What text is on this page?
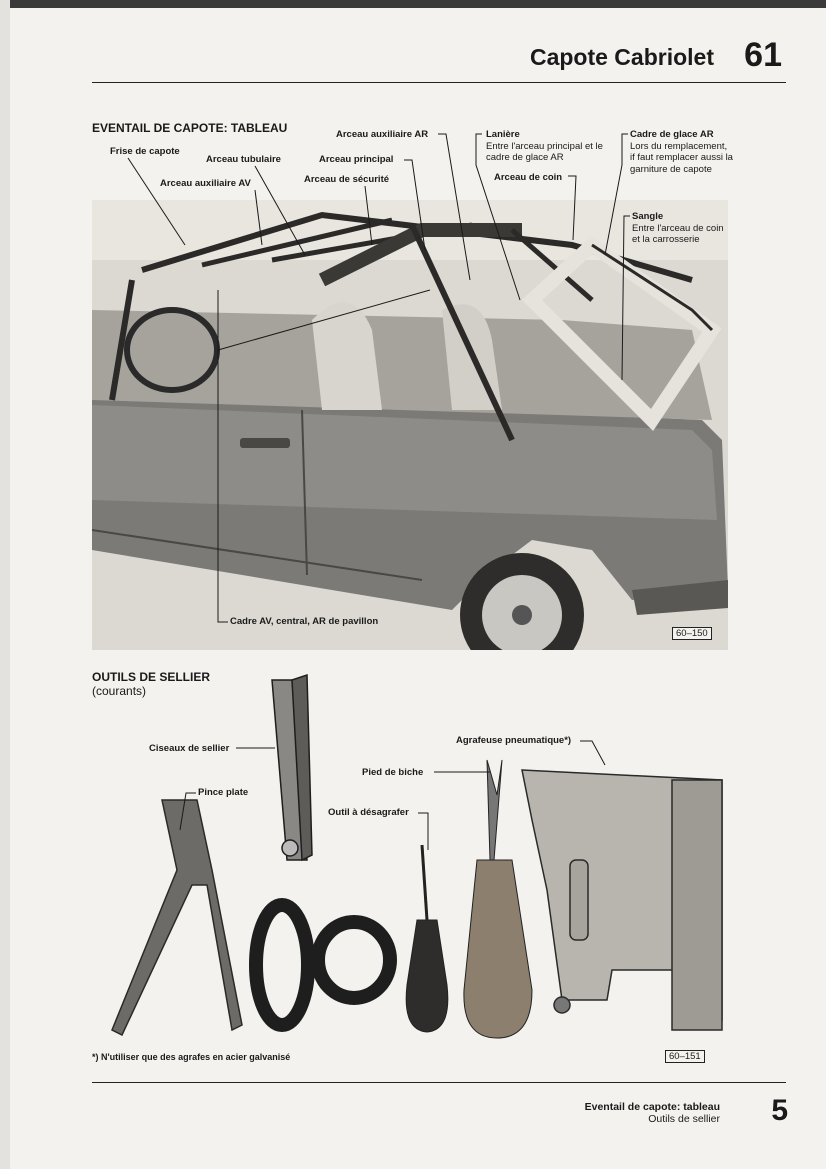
Capote Cabriolet 61
EVENTAIL DE CAPOTE: TABLEAU
Frise de capote
Arceau tubulaire
Arceau auxiliaire AV
Arceau auxiliaire AR
Arceau principal
Arceau de sécurité
Lanière
Entre l'arceau principal et le cadre de glace AR
Arceau de coin
Cadre de glace AR
Lors du remplacement, if faut remplacer aussi la garniture de capote
Sangle
Entre l'arceau de coin et la carrosserie
Cadre AV, central, AR de pavillon
60–150
OUTILS DE SELLIER
(courants)
Ciseaux de sellier
Pince plate
Agrafeuse pneumatique*)
Pied de biche
Outil à désagrafer
*) N'utiliser que des agrafes en acier galvanisé	60–151
Eventail de capote: tableau
Outils de sellier 5
